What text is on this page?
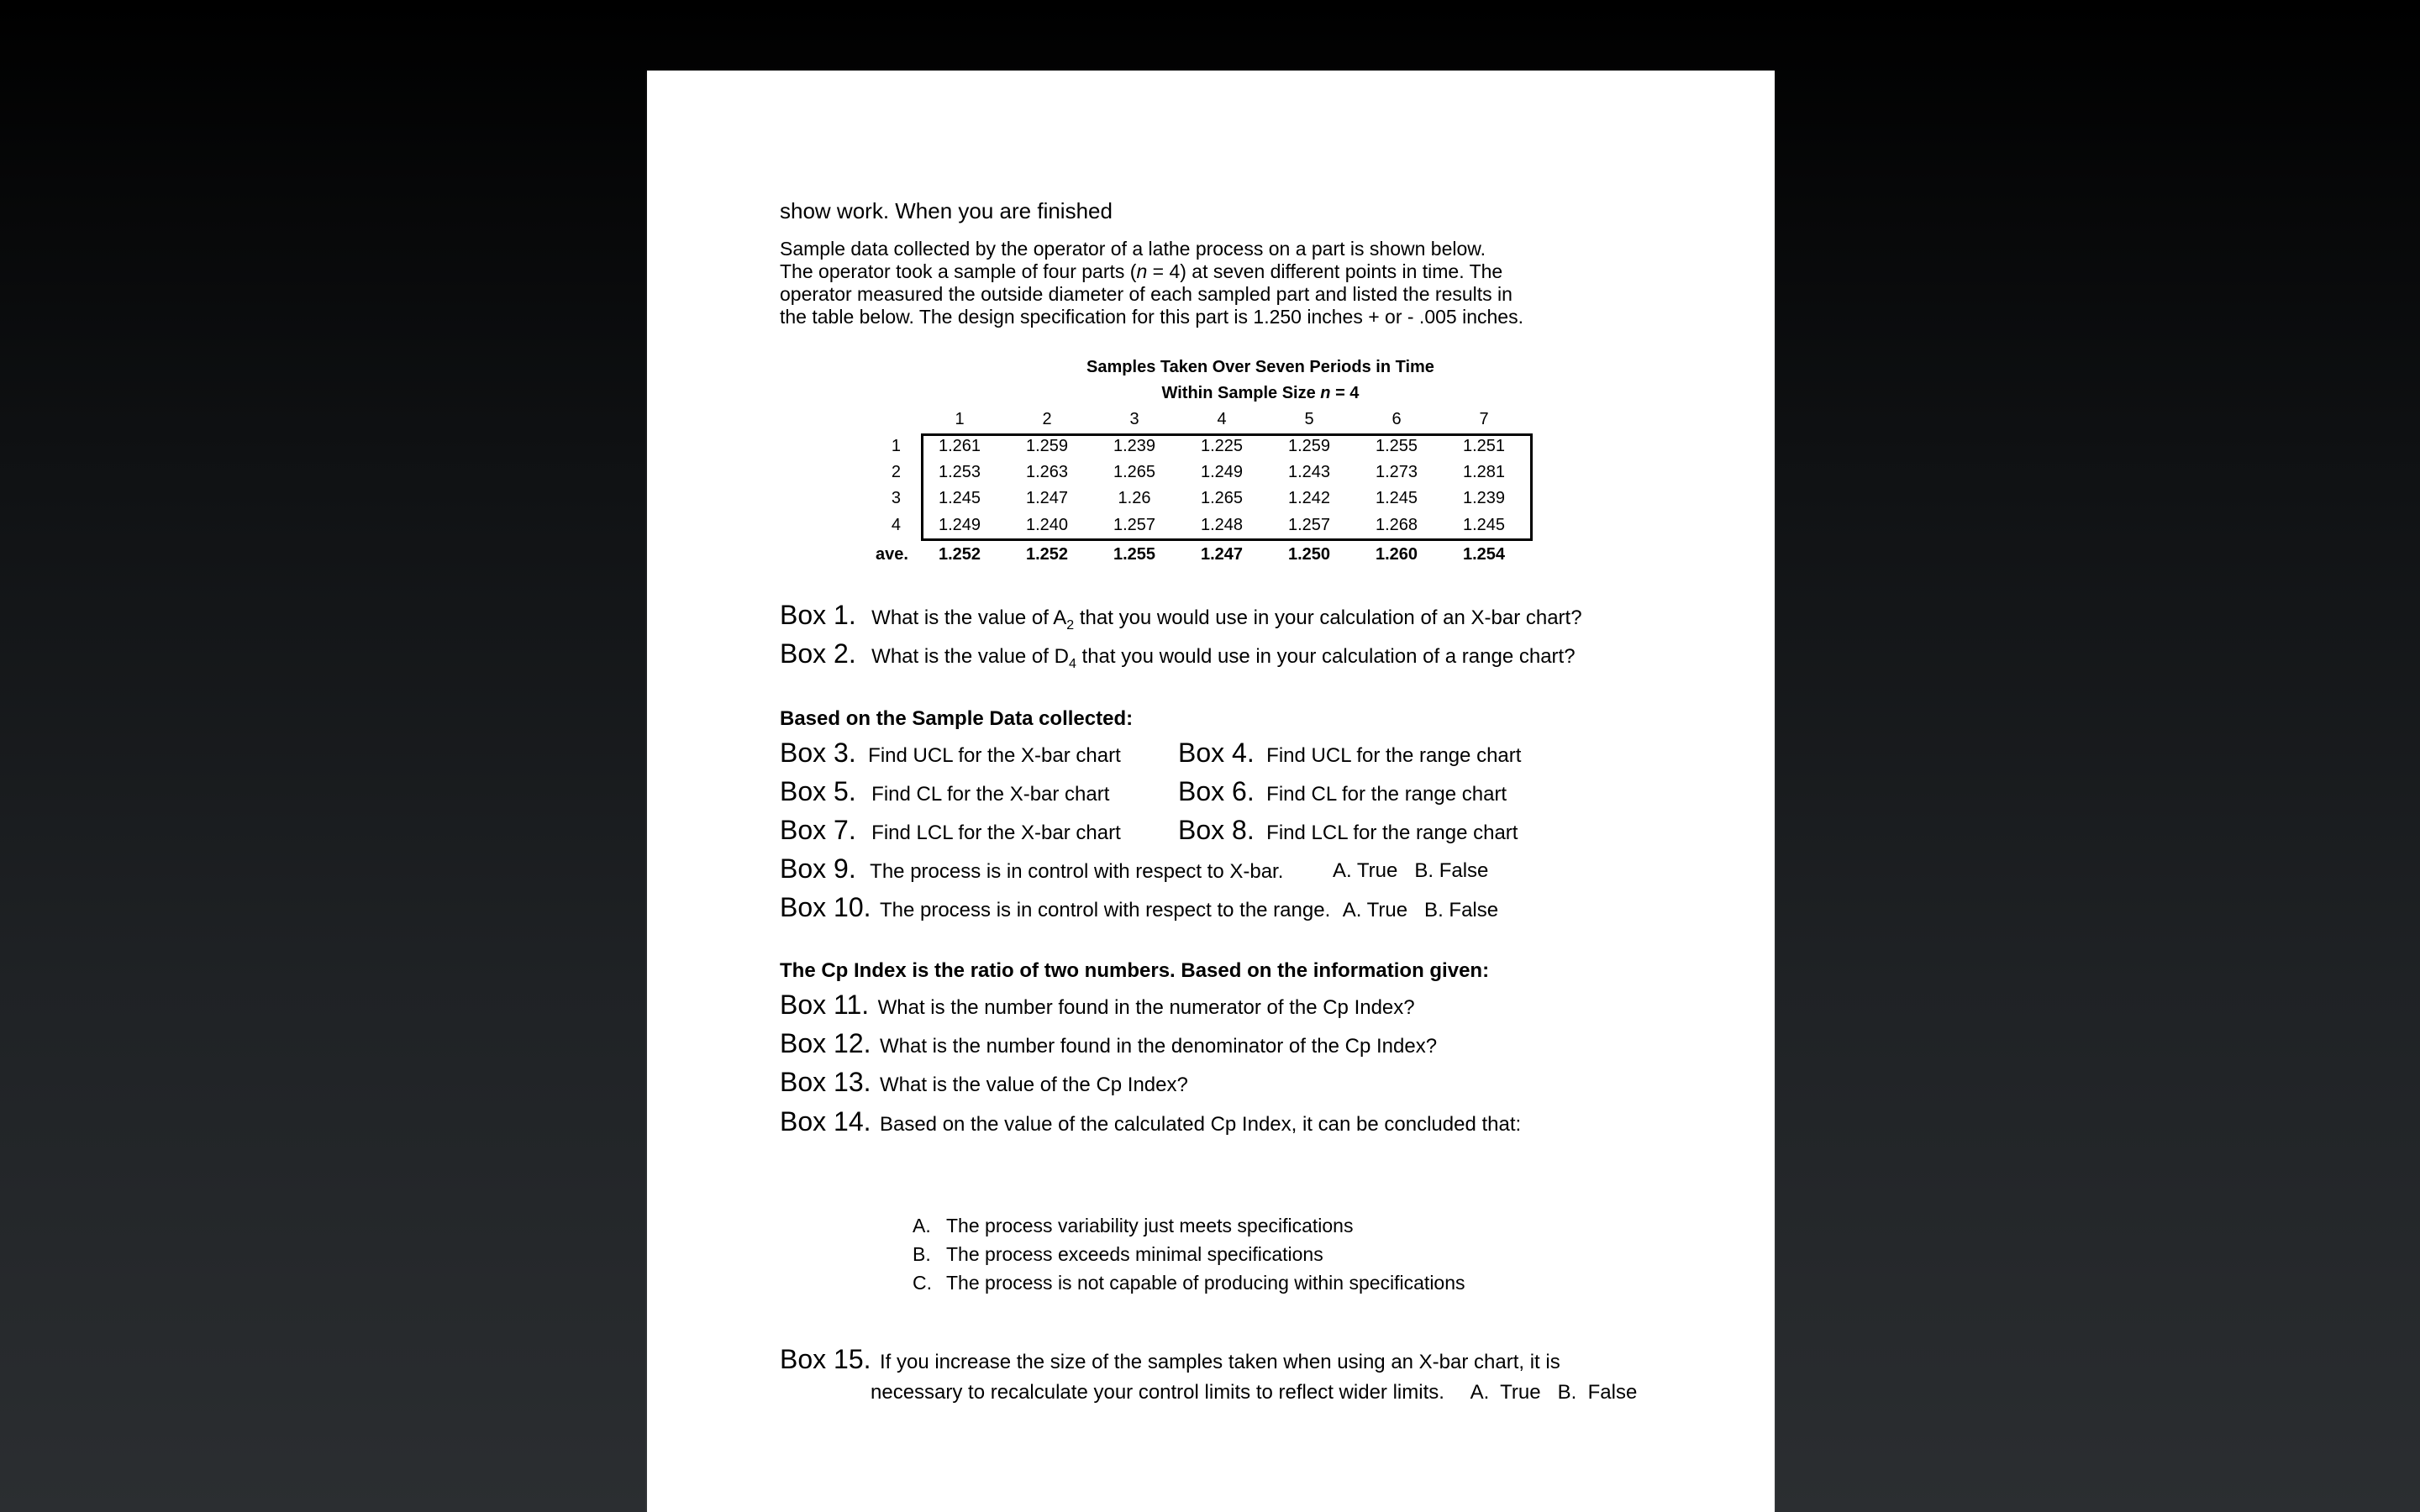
show work. When you are finished
Sample data collected by the operator of a lathe process on a part is shown below.
The operator took a sample of four parts (n = 4) at seven different points in time. The
operator measured the outside diameter of each sampled part and listed the results in
the table below. The design specification for this part is 1.250 inches + or - .005 inches.
Samples Taken Over Seven Periods in Time
Within Sample Size n = 4
1	2	3	4	5	6	7
1	1.261	1.259	1.239	1.225	1.259	1.255	1.251
2	1.253	1.263	1.265	1.249	1.243	1.273	1.281
3	1.245	1.247	1.26	1.265	1.242	1.245	1.239
4	1.249	1.240	1.257	1.248	1.257	1.268	1.245
ave.	1.252	1.252	1.255	1.247	1.250	1.260	1.254
Box 1. What is the value of $A_2$ that you would use in your calculation of an X-bar chart?
Box 2. What is the value of $D_4$ that you would use in your calculation of a range chart?
Based on the Sample Data collected:
Box 3. Find UCL for the X-bar chart Box 4. Find UCL for the range chart
Box 5. Find CL for the X-bar chart	Box 6. Find CL for the range chart
Box 7. Find LCL for the X-bar chart Box 8. Find LCL for the range chart
Box 9. The process is in control with respect to X-bar. A. True   B. False
Box 10. The process is in control with respect to the range. A. True   B. False
The Cp Index is the ratio of two numbers. Based on the information given:
Box 11. What is the number found in the numerator of the Cp Index?
Box 12. What is the number found in the denominator of the Cp Index?
Box 13. What is the value of the Cp Index?
Box 14. Based on the value of the calculated Cp Index, it can be concluded that:
A. The process variability just meets specifications
B. The process exceeds minimal specifications
C. The process is not capable of producing within specifications
Box 15. If you increase the size of the samples taken when using an X-bar chart, it is
necessary to recalculate your control limits to reflect wider limits. A.  True   B.  False
